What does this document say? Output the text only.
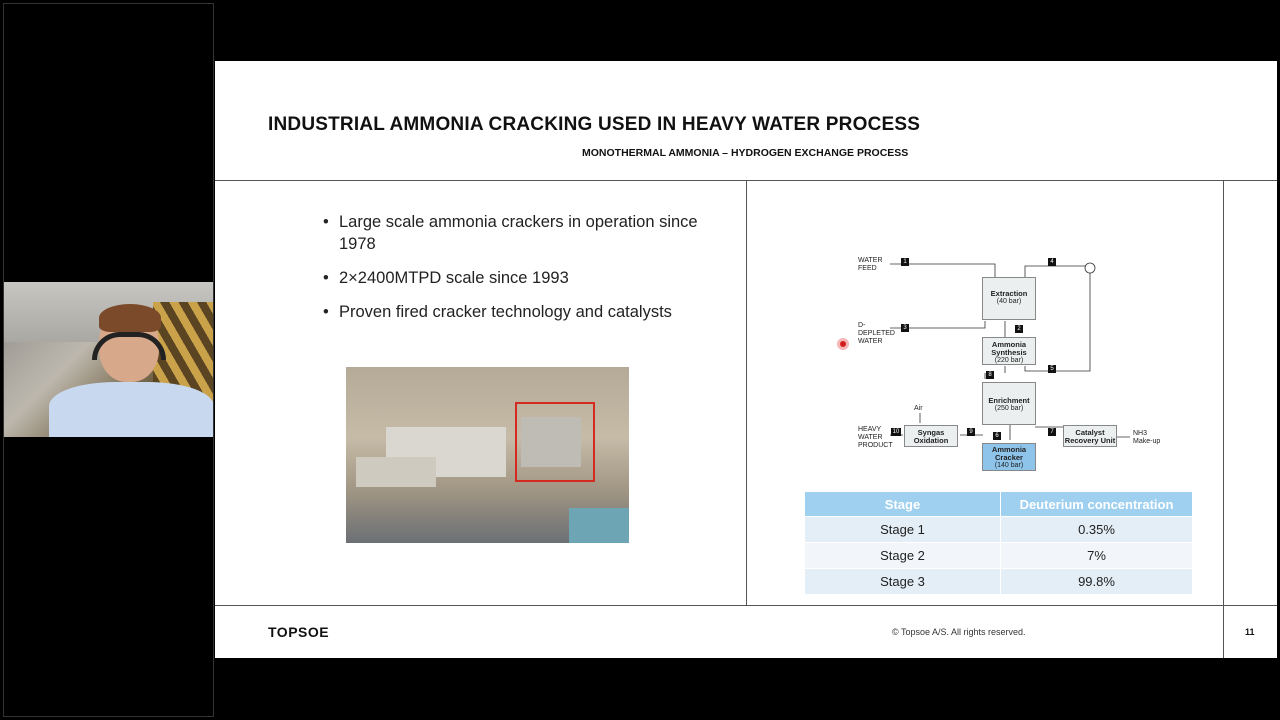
INDUSTRIAL AMMONIA CRACKING USED IN HEAVY WATER PROCESS
• Large scale ammonia crackers in operation since 1978
• 2×2400MTPD scale since 1993
• Proven fired cracker technology and catalysts
MONOTHERMAL AMMONIA – HYDROGEN EXCHANGE PROCESS
Extraction
(40 bar)
Ammonia Synthesis
(220 bar)
Enrichment
(250 bar)
Syngas Oxidation
Catalyst Recovery Unit
Ammonia Cracker
(140 bar)
WATER FEED
D-DEPLETED WATER
HEAVY WATER PRODUCT
Air
NH3 Make-up
1
2
3
4
5
6
7
8
9
10
Stage	Deuterium concentration
Stage 1	0.35%
Stage 2	7%
Stage 3	99.8%
TOPSOE	© Topsoe A/S. All rights reserved.	11
